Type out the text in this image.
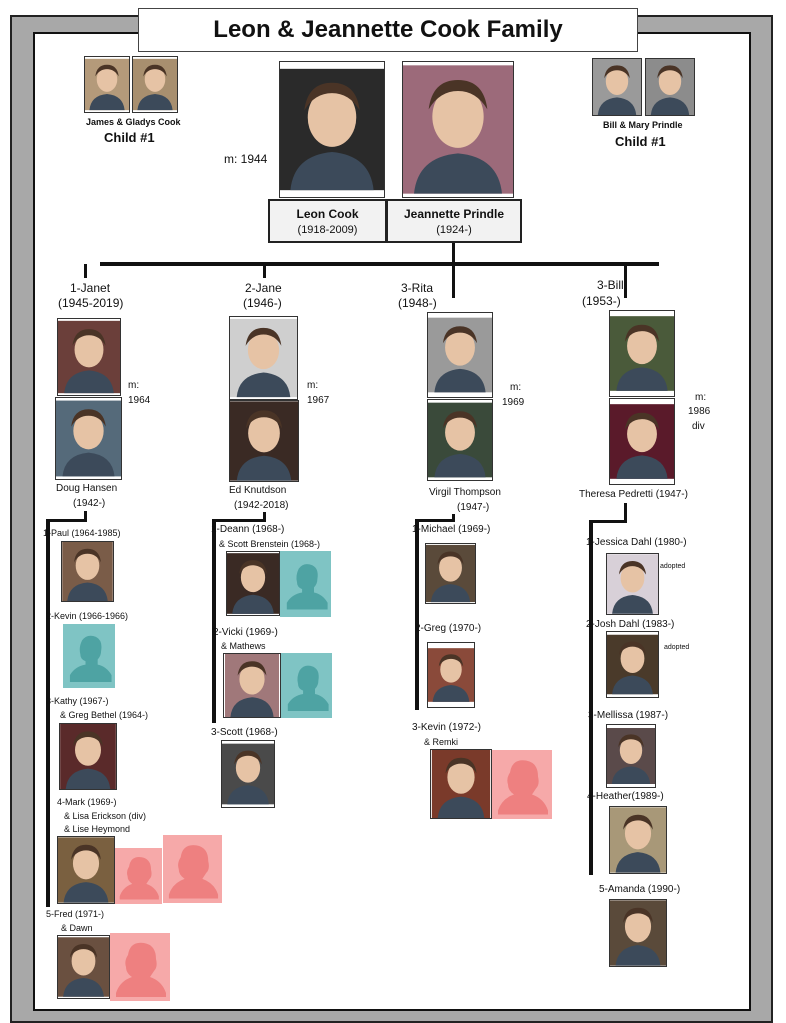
Leon & Jeannette Cook Family
James & Gladys Cook
Child #1
Bill & Mary Prindle
Child #1
m: 1944
Leon Cook
(1918-2009)
Jeannette Prindle
(1924-)
1-Janet
(1945-2019)
m:
1964
Doug Hansen
(1942-)
1-Paul (1964-1985)
2-Kevin (1966-1966)
3-Kathy (1967-)
& Greg Bethel (1964-)
4-Mark (1969-)
& Lisa Erickson (div)
& Lise Heymond
5-Fred (1971-)
& Dawn
2-Jane
(1946-)
m:
1967
Ed Knutdson
(1942-2018)
1-Deann (1968-)
& Scott Brenstein (1968-)
2-Vicki (1969-)
& Mathews
3-Scott (1968-)
3-Rita
(1948-)
m:
1969
Virgil Thompson
(1947-)
1-Michael (1969-)
2-Greg (1970-)
3-Kevin (1972-)
& Remki
3-Bill
(1953-)
m:
1986
div
Theresa Pedretti (1947-)
1-Jessica Dahl (1980-)
adopted
2-Josh Dahl (1983-)
adopted
3-Mellissa (1987-)
4-Heather(1989-)
5-Amanda (1990-)
